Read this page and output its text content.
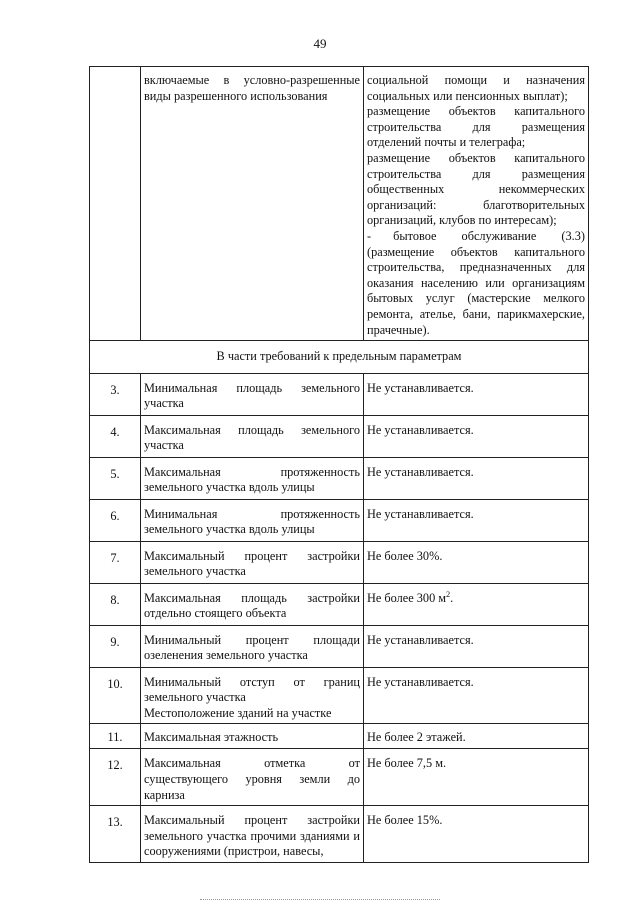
49
	включаемые в условно-разрешенные виды разрешенного использования	социальной помощи и назначения социальных или пенсионных выплат);
размещение объектов капитального строительства для размещения отделений почты и телеграфа;
размещение объектов капитального строительства для размещения общественных некоммерческих организаций: благотворительных организаций, клубов по интересам);
- бытовое обслуживание (3.3) (размещение объектов капитального строительства, предназначенных для оказания населению или организациям бытовых услуг (мастерские мелкого ремонта, ателье, бани, парикмахерские, прачечные).

В части требований к предельным параметрам		
3.	Минимальная площадь земельного участка	Не устанавливается.
4.	Максимальная площадь земельного участка	Не устанавливается.
5.	Максимальная протяженность земельного участка вдоль улицы	Не устанавливается.
6.	Минимальная протяженность земельного участка вдоль улицы	Не устанавливается.
7.	Максимальный процент застройки земельного участка	Не более 30%.
8.	Максимальная площадь застройки отдельно стоящего объекта	Не более 300 $м^2$.
9.	Минимальный процент площади озеленения земельного участка	Не устанавливается.
10.	Минимальный отступ от границ земельного участка
Местоположение зданий на участке	Не устанавливается.
11.	Максимальная этажность	Не более 2 этажей.
12.	Максимальная отметка от существующего уровня земли до карниза	Не более 7,5 м.
13.	Максимальный процент застройки земельного участка прочими зданиями и сооружениями (пристрои, навесы,	Не более 15%.
